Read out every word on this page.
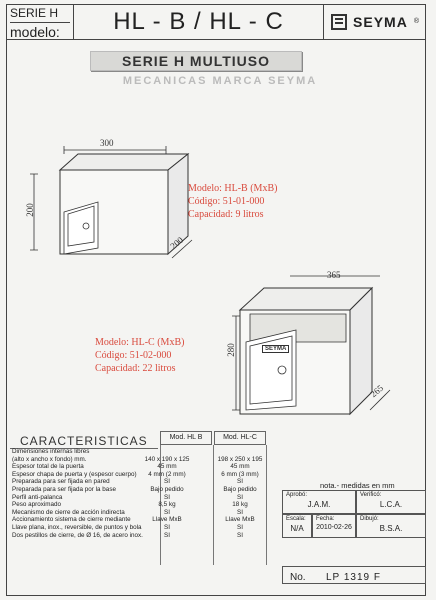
SERIE H
modelo:	HL - B / HL - C	SEYMA ®
SERIE H MULTIUSO
MECANICAS MARCA SEYMA
300
200
200
Modelo: HL-B (MxB)
Código: 51-01-000
Capacidad: 9 litros
365
280
265
SEYMA
Modelo: HL-C (MxB)
Código: 51-02-000
Capacidad: 22 litros
CARACTERISTICAS	Mod. HL B	Mod. HL-C
Dimensiones internas libres
(alto x ancho x fondo) mm.	140 x 190 x 125	198 x 250 x 195
Espesor total de la puerta	45 mm	45 mm
Espesor chapa de puerta y (espesor cuerpo)	4 mm (2 mm)	6 mm (3 mm)
Preparada para ser fijada en pared	SI	SI
Preparada para ser fijada por la base	Bajo pedido	Bajo pedido
Perfil anti-palanca	SI	SI
Peso aproximado	8,5 kg	18 kg
Mecanismo de cierre de acción indirecta	SI	SI
Accionamiento sistema de cierre mediante	Llave MxB	Llave MxB
Llave plana, inox., reversible, de puntos y bola	SI	SI
Dos pestillos de cierre, de Ø 16, de acero inox.	SI	SI
nota.- medidas en mm
Aprobó:
J.A.M.
Verificó:
L.C.A.
Escala:
N/A
Fecha:
2010-02-26
Dibujó:
B.S.A.
No. LP 1319 F
